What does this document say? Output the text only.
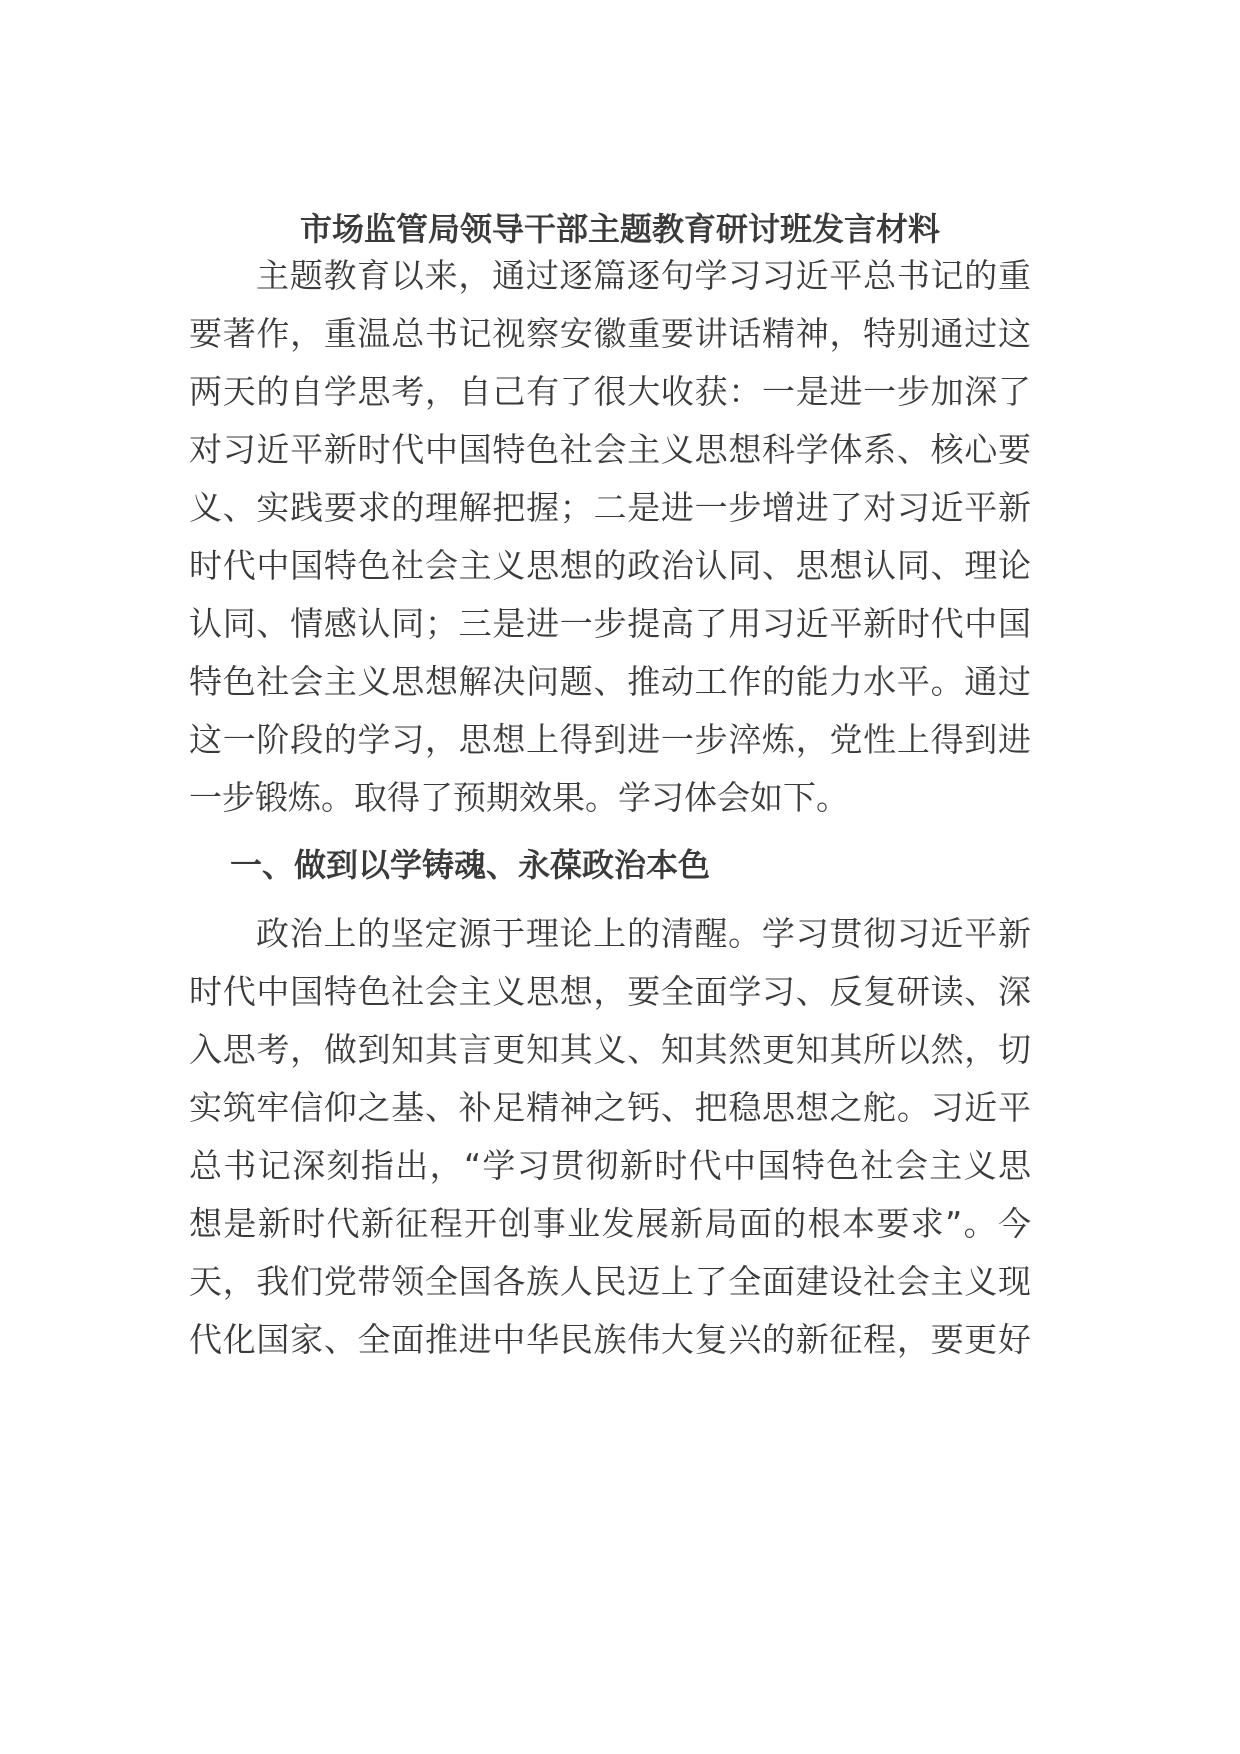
市场监管局领导干部主题教育研讨班发言材料
主题教育以来，通过逐篇逐句学习习近平总书记的重
要著作，重温总书记视察安徽重要讲话精神，特别通过这
两天的自学思考，自己有了很大收获：一是进一步加深了
对习近平新时代中国特色社会主义思想科学体系、核心要
义、实践要求的理解把握；二是进一步增进了对习近平新
时代中国特色社会主义思想的政治认同、思想认同、理论
认同、情感认同；三是进一步提高了用习近平新时代中国
特色社会主义思想解决问题、推动工作的能力水平。通过
这一阶段的学习，思想上得到进一步淬炼，党性上得到进
一步锻炼。取得了预期效果。学习体会如下。
一、做到以学铸魂、永葆政治本色
政治上的坚定源于理论上的清醒。学习贯彻习近平新
时代中国特色社会主义思想，要全面学习、反复研读、深
入思考，做到知其言更知其义、知其然更知其所以然，切
实筑牢信仰之基、补足精神之钙、把稳思想之舵。习近平
总书记深刻指出，“学习贯彻新时代中国特色社会主义思
想是新时代新征程开创事业发展新局面的根本要求”。今
天，我们党带领全国各族人民迈上了全面建设社会主义现
代化国家、全面推进中华民族伟大复兴的新征程，要更好
